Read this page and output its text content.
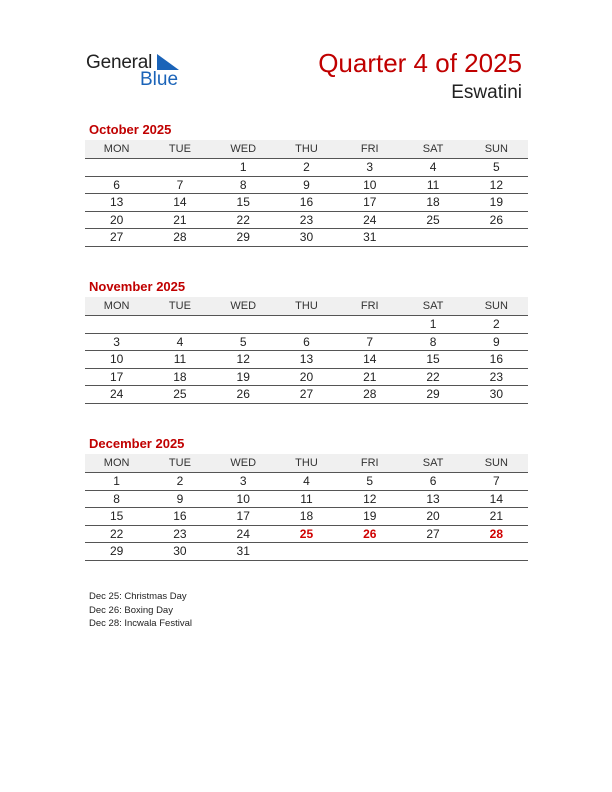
General
Blue
Quarter 4 of 2025
Eswatini
October 2025
MON	TUE	WED	THU	FRI	SAT	SUN
		1	2	3	4	5
6	7	8	9	10	11	12
13	14	15	16	17	18	19
20	21	22	23	24	25	26
27	28	29	30	31		
November 2025
MON	TUE	WED	THU	FRI	SAT	SUN
					1	2
3	4	5	6	7	8	9
10	11	12	13	14	15	16
17	18	19	20	21	22	23
24	25	26	27	28	29	30
December 2025
MON	TUE	WED	THU	FRI	SAT	SUN
1	2	3	4	5	6	7
8	9	10	11	12	13	14
15	16	17	18	19	20	21
22	23	24	25	26	27	28
29	30	31				
Dec 25: Christmas Day
Dec 26: Boxing Day
Dec 28: Incwala Festival
